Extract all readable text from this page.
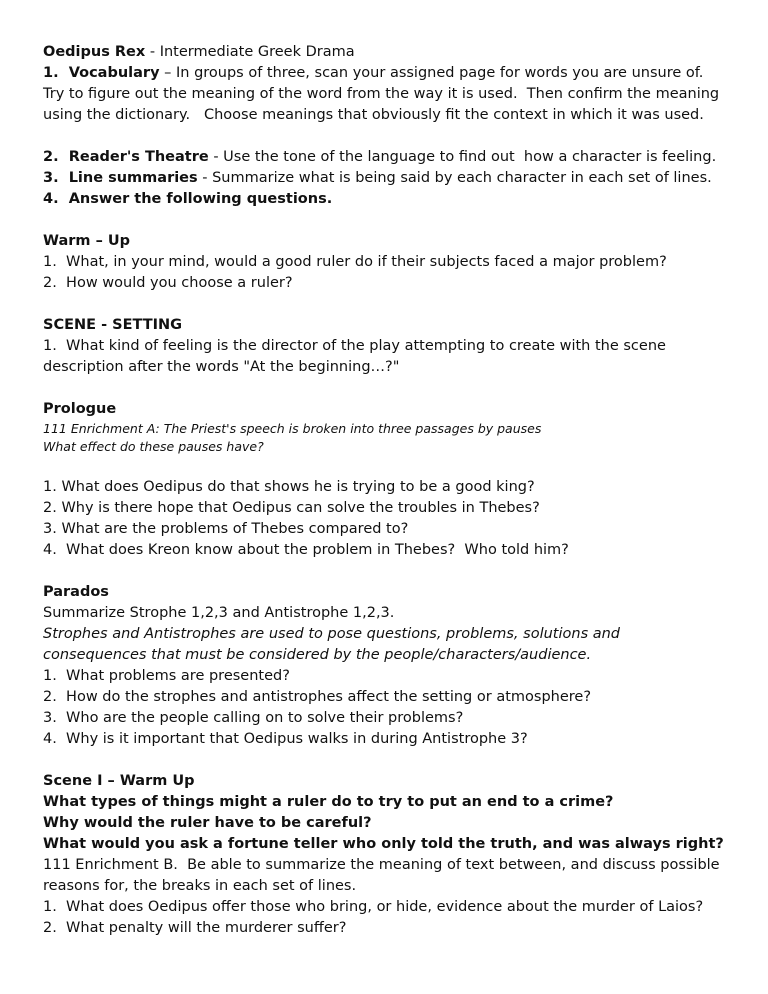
Oedipus Rex - Intermediate Greek Drama
1.  Vocabulary – In groups of three, scan your assigned page for words you are unsure of. Try to figure out the meaning of the word from the way it is used.  Then confirm the meaning using the dictionary.   Choose meanings that obviously fit the context in which it was used.
2.  Reader's Theatre - Use the tone of the language to find out  how a character is feeling.
3.  Line summaries - Summarize what is being said by each character in each set of lines.
4.  Answer the following questions.
Warm – Up
1.  What, in your mind, would a good ruler do if their subjects faced a major problem?
2.  How would you choose a ruler?
SCENE - SETTING
1.  What kind of feeling is the director of the play attempting to create with the scene description after the words "At the beginning…?"
Prologue
111 Enrichment A: The Priest's speech is broken into three passages by pauses
What effect do these pauses have?
1. What does Oedipus do that shows he is trying to be a good king?
2. Why is there hope that Oedipus can solve the troubles in Thebes?
3. What are the problems of Thebes compared to?
4.  What does Kreon know about the problem in Thebes?  Who told him?
Parados
Summarize Strophe 1,2,3 and Antistrophe 1,2,3.
Strophes and Antistrophes are used to pose questions, problems, solutions and consequences that must be considered by the people/characters/audience.
1.  What problems are presented?
2.  How do the strophes and antistrophes affect the setting or atmosphere?
3.  Who are the people calling on to solve their problems?
4.  Why is it important that Oedipus walks in during Antistrophe 3?
Scene I – Warm Up
What types of things might a ruler do to try to put an end to a crime?
Why would the ruler have to be careful?
What would you ask a fortune teller who only told the truth, and was always right?
111 Enrichment B.  Be able to summarize the meaning of text between, and discuss possible reasons for, the breaks in each set of lines.
1.  What does Oedipus offer those who bring, or hide, evidence about the murder of Laios?
2.  What penalty will the murderer suffer?
